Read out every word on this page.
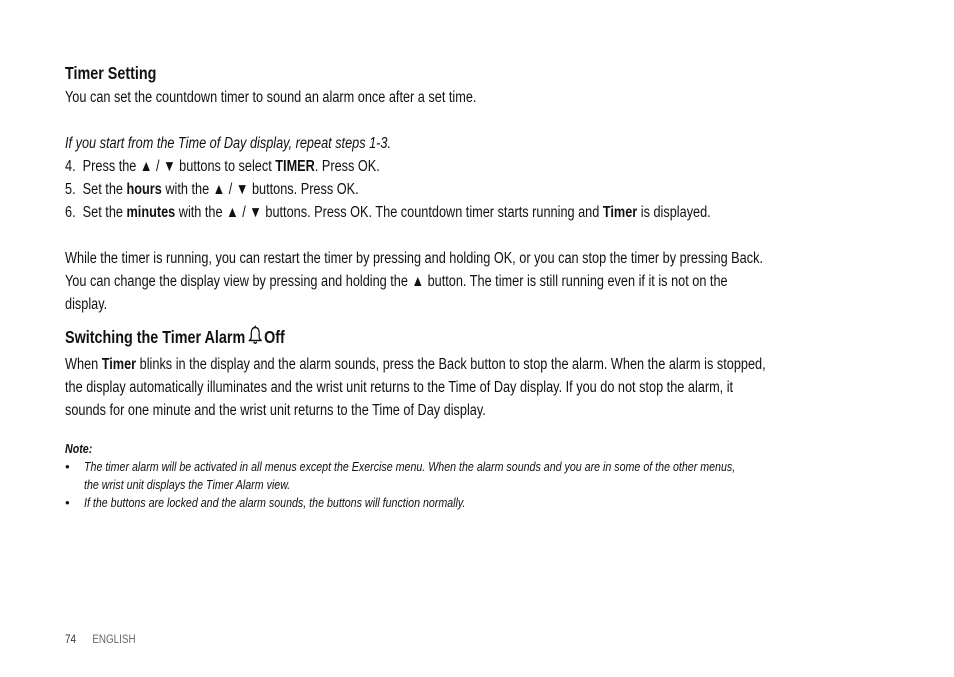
Timer Setting
You can set the countdown timer to sound an alarm once after a set time.
If you start from the Time of Day display, repeat steps 1-3.
4. Press the ▲ / ▼ buttons to select TIMER. Press OK.
5. Set the hours with the ▲ / ▼ buttons. Press OK.
6. Set the minutes with the ▲ / ▼ buttons. Press OK. The countdown timer starts running and Timer is displayed.
While the timer is running, you can restart the timer by pressing and holding OK, or you can stop the timer by pressing Back.
You can change the display view by pressing and holding the ▲ button. The timer is still running even if it is not on the
display.
Switching the Timer Alarm Off
When Timer blinks in the display and the alarm sounds, press the Back button to stop the alarm. When the alarm is stopped,
the display automatically illuminates and the wrist unit returns to the Time of Day display. If you do not stop the alarm, it
sounds for one minute and the wrist unit returns to the Time of Day display.
Note:
• The timer alarm will be activated in all menus except the Exercise menu. When the alarm sounds and you are in some of the other menus,
the wrist unit displays the Timer Alarm view.
• If the buttons are locked and the alarm sounds, the buttons will function normally.
74 ENGLISH
